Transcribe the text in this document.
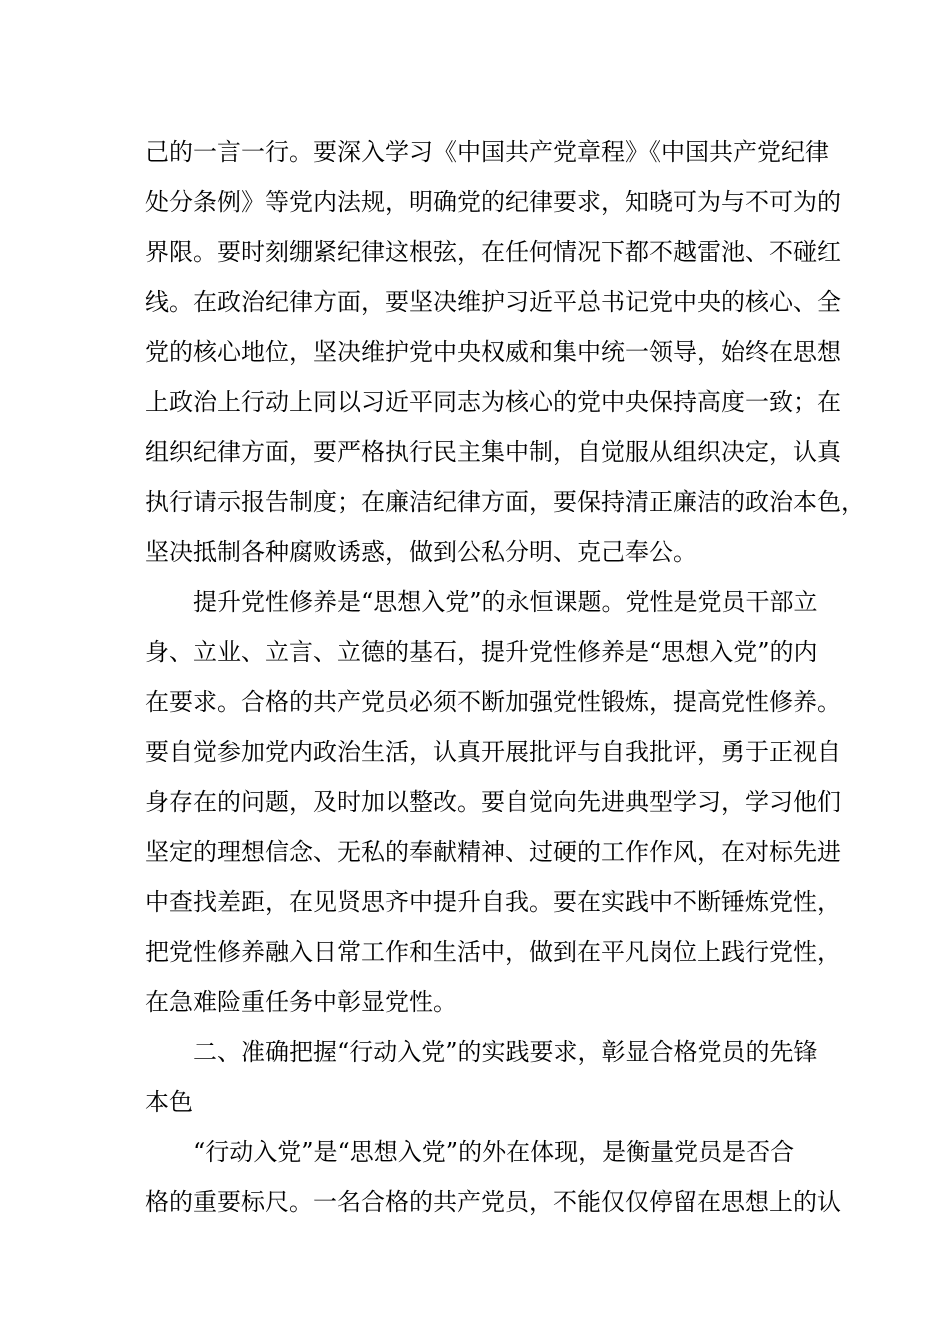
己的一言一行。要深入学习《中国共产党章程》《中国共产党纪律

处分条例》等党内法规，明确党的纪律要求，知晓可为与不可为的

界限。要时刻绷紧纪律这根弦，在任何情况下都不越雷池、不碰红

线。在政治纪律方面，要坚决维护习近平总书记党中央的核心、全

党的核心地位，坚决维护党中央权威和集中统一领导，始终在思想

上政治上行动上同以习近平同志为核心的党中央保持高度一致；在

组织纪律方面，要严格执行民主集中制，自觉服从组织决定，认真

执行请示报告制度；在廉洁纪律方面，要保持清正廉洁的政治本色，

坚决抵制各种腐败诱惑，做到公私分明、克己奉公。

提升党性修养是“思想入党”的永恒课题。党性是党员干部立

身、立业、立言、立德的基石，提升党性修养是“思想入党”的内

在要求。合格的共产党员必须不断加强党性锻炼，提高党性修养。

要自觉参加党内政治生活，认真开展批评与自我批评，勇于正视自

身存在的问题，及时加以整改。要自觉向先进典型学习，学习他们

坚定的理想信念、无私的奉献精神、过硬的工作作风，在对标先进

中查找差距，在见贤思齐中提升自我。要在实践中不断锤炼党性，

把党性修养融入日常工作和生活中，做到在平凡岗位上践行党性，

在急难险重任务中彰显党性。

二、准确把握“行动入党”的实践要求，彰显合格党员的先锋

本色

“行动入党”是“思想入党”的外在体现，是衡量党员是否合

格的重要标尺。一名合格的共产党员，不能仅仅停留在思想上的认
